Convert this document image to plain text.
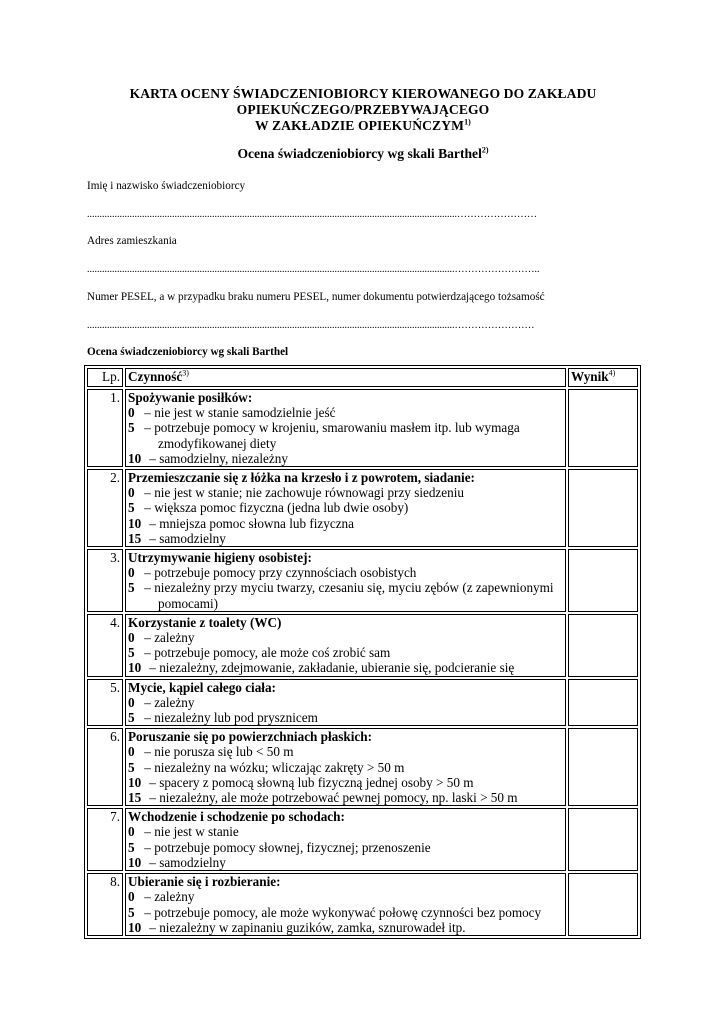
KARTA OCENY ŚWIADCZENIOBIORCY KIEROWANEGO DO ZAKŁADU
OPIEKUŃCZEGO/PRZEBYWAJĄCEGO
W ZAKŁADZIE OPIEKUŃCZYM$^{1)}$
Ocena świadczeniobiorcy wg skali Barthel$^{2)}$
Imię i nazwisko świadczeniobiorcy
....................................................................................................................................................……………………
Adres zamieszkania
...................................................................................................................................................……………………..
Numer PESEL, a w przypadku braku numeru PESEL, numer dokumentu potwierdzającego tożsamość
...................................................................................................................................................……………………
Ocena świadczeniobiorcy wg skali Barthel
Lp.	Czynność$^{3)}$	Wynik$^{4)}$
1.	Spożywanie posiłków:
0 – nie jest w stanie samodzielnie jeść
5 – potrzebuje pomocy w krojeniu, smarowaniu masłem itp. lub wymaga zmodyfikowanej diety
10 – samodzielny, niezależny	

2.	Przemieszczanie się z łóżka na krzesło i z powrotem, siadanie:
0 – nie jest w stanie; nie zachowuje równowagi przy siedzeniu
5 – większa pomoc fizyczna (jedna lub dwie osoby)
10 – mniejsza pomoc słowna lub fizyczna
15 – samodzielny	

3.	Utrzymywanie higieny osobistej:
0 – potrzebuje pomocy przy czynnościach osobistych
5 – niezależny przy myciu twarzy, czesaniu się, myciu zębów (z zapewnionymi pomocami)	

4.	Korzystanie z toalety (WC)
0 – zależny
5 – potrzebuje pomocy, ale może coś zrobić sam
10 – niezależny, zdejmowanie, zakładanie, ubieranie się, podcieranie się	

5.	Mycie, kąpiel całego ciała:
0 – zależny
5 – niezależny lub pod prysznicem	

6.	Poruszanie się po powierzchniach płaskich:
0 – nie porusza się lub < 50 m
5 – niezależny na wózku; wliczając zakręty > 50 m
10 – spacery z pomocą słowną lub fizyczną jednej osoby > 50 m
15 – niezależny, ale może potrzebować pewnej pomocy, np. laski > 50 m	

7.	Wchodzenie i schodzenie po schodach:
0 – nie jest w stanie
5 – potrzebuje pomocy słownej, fizycznej; przenoszenie
10 – samodzielny	

8.	Ubieranie się i rozbieranie:
0 – zależny
5 – potrzebuje pomocy, ale może wykonywać połowę czynności bez pomocy
10 – niezależny w zapinaniu guzików, zamka, sznurowadeł itp.	
